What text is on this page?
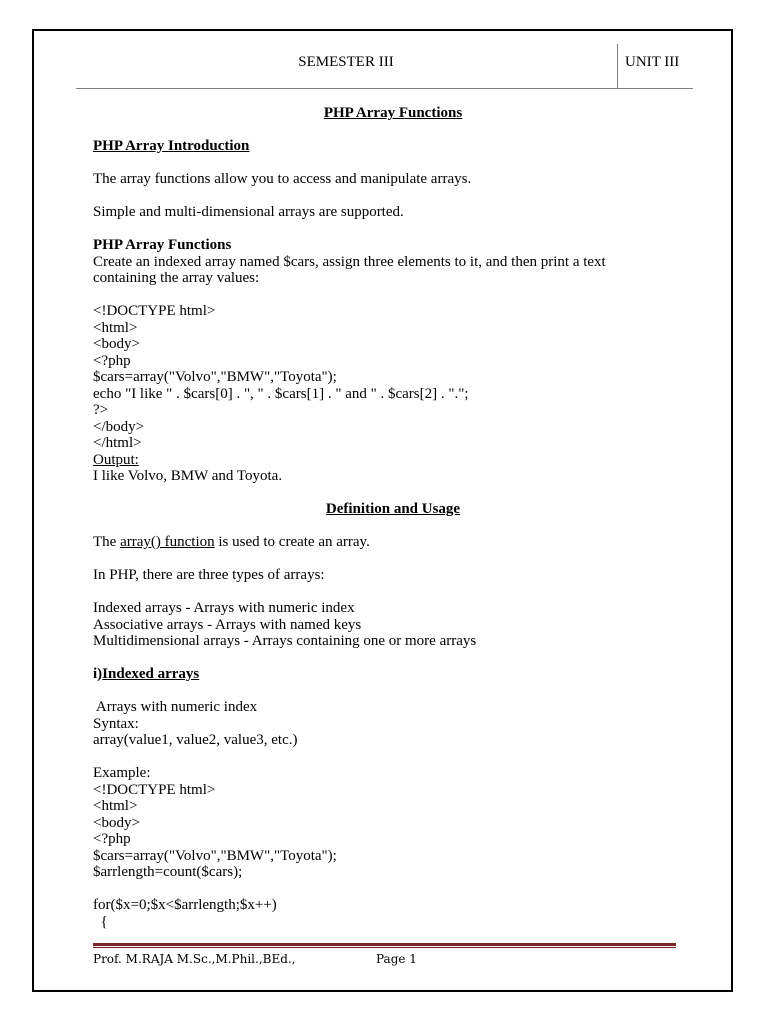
SEMESTER III	UNIT III
PHP Array Functions
PHP Array Introduction
The array functions allow you to access and manipulate arrays.
Simple and multi-dimensional arrays are supported.
PHP Array Functions
Create an indexed array named $cars, assign three elements to it, and then print a text
containing the array values:
<!DOCTYPE html>
<html>
<body>
<?php
$cars=array("Volvo","BMW","Toyota");
echo "I like " . $cars[0] . ", " . $cars[1] . " and " . $cars[2] . ".";
?>
</body>
</html>
Output:
I like Volvo, BMW and Toyota.
Definition and Usage
The array() function is used to create an array.
In PHP, there are three types of arrays:
Indexed arrays - Arrays with numeric index
Associative arrays - Arrays with named keys
Multidimensional arrays - Arrays containing one or more arrays
i)Indexed arrays
Arrays with numeric index
Syntax:
array(value1, value2, value3, etc.)
Example:
<!DOCTYPE html>
<html>
<body>
<?php
$cars=array("Volvo","BMW","Toyota");
$arrlength=count($cars);
for($x=0;$x<$arrlength;$x++)
{
Prof. M.RAJA M.Sc.,M.Phil.,BEd.,	Page 1
